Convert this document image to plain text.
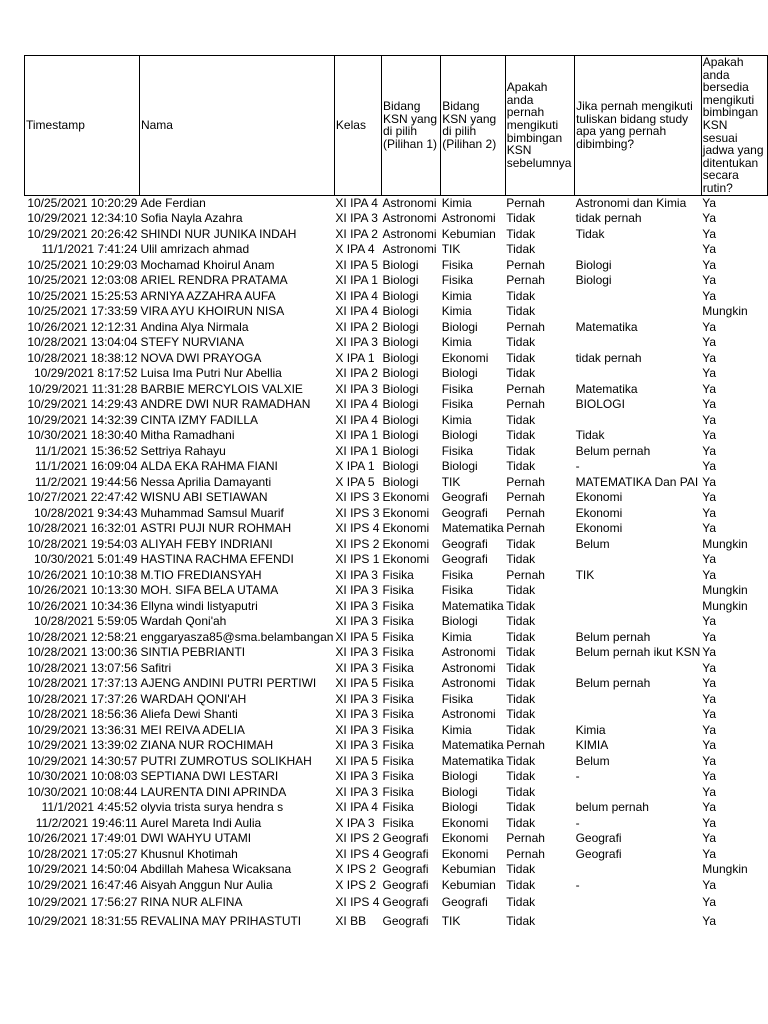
Timestamp	Nama	Kelas	Bidang KSN yang di pilih (Pilihan 1)	Bidang KSN yang di pilih (Pilihan 2)	Apakah anda pernah mengikuti bimbingan KSN sebelumnya	Jika pernah mengikuti tuliskan bidang study apa yang pernah dibimbing?	Apakah anda bersedia mengikuti bimbingan KSN sesuai jadwa yang ditentukan secara rutin?
10/25/2021 10:20:29	Ade Ferdian	XI IPA 4	Astronomi	Kimia	Pernah	Astronomi dan Kimia	Ya
10/29/2021 12:34:10	Sofia Nayla Azahra	XI IPA 3	Astronomi	Astronomi	Tidak	tidak pernah	Ya
10/29/2021 20:26:42	SHINDI NUR JUNIKA INDAH	XI IPA 2	Astronomi	Kebumian	Tidak	Tidak	Ya
11/1/2021 7:41:24	Ulil amrizach ahmad	X IPA 4	Astronomi	TIK	Tidak		Ya
10/25/2021 10:29:03	Mochamad Khoirul Anam	XI IPA 5	Biologi	Fisika	Pernah	Biologi	Ya
10/25/2021 12:03:08	ARIEL RENDRA PRATAMA	XI IPA 1	Biologi	Fisika	Pernah	Biologi	Ya
10/25/2021 15:25:53	ARNIYA AZZAHRA AUFA	XI IPA 4	Biologi	Kimia	Tidak		Ya
10/25/2021 17:33:59	VIRA AYU KHOIRUN NISA	XI IPA 4	Biologi	Kimia	Tidak		Mungkin
10/26/2021 12:12:31	Andina Alya Nirmala	XI IPA 2	Biologi	Biologi	Pernah	Matematika	Ya
10/28/2021 13:04:04	STEFY NURVIANA	XI IPA 3	Biologi	Kimia	Tidak		Ya
10/28/2021 18:38:12	NOVA DWI PRAYOGA	X IPA 1	Biologi	Ekonomi	Tidak	tidak pernah	Ya
10/29/2021 8:17:52	Luisa Ima Putri Nur Abellia	XI IPA 2	Biologi	Biologi	Tidak		Ya
10/29/2021 11:31:28	BARBIE MERCYLOIS VALXIE	XI IPA 3	Biologi	Fisika	Pernah	Matematika	Ya
10/29/2021 14:29:43	ANDRE DWI NUR RAMADHAN	XI IPA 4	Biologi	Fisika	Pernah	BIOLOGI	Ya
10/29/2021 14:32:39	CINTA IZMY FADILLA	XI IPA 4	Biologi	Kimia	Tidak		Ya
10/30/2021 18:30:40	Mitha Ramadhani	XI IPA 1	Biologi	Biologi	Tidak	Tidak	Ya
11/1/2021 15:36:52	Settriya Rahayu	XI IPA 1	Biologi	Fisika	Tidak	Belum pernah	Ya
11/1/2021 16:09:04	ALDA EKA RAHMA FIANI	X IPA 1	Biologi	Biologi	Tidak	-	Ya
11/2/2021 19:44:56	Nessa Aprilia Damayanti	X IPA 5	Biologi	TIK	Pernah	MATEMATIKA Dan PAI	Ya
10/27/2021 22:47:42	WISNU ABI SETIAWAN	XI IPS 3	Ekonomi	Geografi	Pernah	Ekonomi	Ya
10/28/2021 9:34:43	Muhammad Samsul Muarif	XI IPS 3	Ekonomi	Geografi	Pernah	Ekonomi	Ya
10/28/2021 16:32:01	ASTRI PUJI NUR ROHMAH	XI IPS 4	Ekonomi	Matematika	Pernah	Ekonomi	Ya
10/28/2021 19:54:03	ALIYAH FEBY INDRIANI	XI IPS 2	Ekonomi	Geografi	Tidak	Belum	Mungkin
10/30/2021 5:01:49	HASTINA RACHMA EFENDI	XI IPS 1	Ekonomi	Geografi	Tidak		Ya
10/26/2021 10:10:38	M.TIO FREDIANSYAH	XI IPA 3	Fisika	Fisika	Pernah	TIK	Ya
10/26/2021 10:13:30	MOH. SIFA BELA UTAMA	XI IPA 3	Fisika	Fisika	Tidak		Mungkin
10/26/2021 10:34:36	Ellyna windi listyaputri	XI IPA 3	Fisika	Matematika	Tidak		Mungkin
10/28/2021 5:59:05	Wardah Qoni'ah	XI IPA 3	Fisika	Biologi	Tidak		Ya
10/28/2021 12:58:21	enggaryasza85@sma.belambangan	XI IPA 5	Fisika	Kimia	Tidak	Belum pernah	Ya
10/28/2021 13:00:36	SINTIA PEBRIANTI	XI IPA 3	Fisika	Astronomi	Tidak	Belum pernah ikut KSN	Ya
10/28/2021 13:07:56	Safitri	XI IPA 3	Fisika	Astronomi	Tidak		Ya
10/28/2021 17:37:13	AJENG ANDINI PUTRI PERTIWI	XI IPA 5	Fisika	Astronomi	Tidak	Belum pernah	Ya
10/28/2021 17:37:26	WARDAH QONI'AH	XI IPA 3	Fisika	Fisika	Tidak		Ya
10/28/2021 18:56:36	Aliefa Dewi Shanti	XI IPA 3	Fisika	Astronomi	Tidak		Ya
10/29/2021 13:36:31	MEI REIVA ADELIA	XI IPA 3	Fisika	Kimia	Tidak	Kimia	Ya
10/29/2021 13:39:02	ZIANA NUR ROCHIMAH	XI IPA 3	Fisika	Matematika	Pernah	KIMIA	Ya
10/29/2021 14:30:57	PUTRI ZUMROTUS SOLIKHAH	XI IPA 5	Fisika	Matematika	Tidak	Belum	Ya
10/30/2021 10:08:03	SEPTIANA DWI LESTARI	XI IPA 3	Fisika	Biologi	Tidak	-	Ya
10/30/2021 10:08:44	LAURENTA DINI APRINDA	XI IPA 3	Fisika	Biologi	Tidak		Ya
11/1/2021 4:45:52	olyvia trista surya hendra s	XI IPA 4	Fisika	Biologi	Tidak	belum pernah	Ya
11/2/2021 19:46:11	Aurel Mareta Indi Aulia	X IPA 3	Fisika	Ekonomi	Tidak	-	Ya
10/26/2021 17:49:01	DWI WAHYU UTAMI	XI IPS 2	Geografi	Ekonomi	Pernah	Geografi	Ya
10/28/2021 17:05:27	Khusnul Khotimah	XI IPS 4	Geografi	Ekonomi	Pernah	Geografi	Ya
10/29/2021 14:50:04	Abdillah Mahesa Wicaksana	X IPS 2	Geografi	Kebumian	Tidak		Mungkin
10/29/2021 16:47:46	Aisyah Anggun Nur Aulia	X IPS 2	Geografi	Kebumian	Tidak	-	Ya
10/29/2021 17:56:27	RINA NUR ALFINA	XI IPS 4	Geografi	Geografi	Tidak		Ya
10/29/2021 18:31:55	REVALINA MAY PRIHASTUTI	XI BB	Geografi	TIK	Tidak		Ya
